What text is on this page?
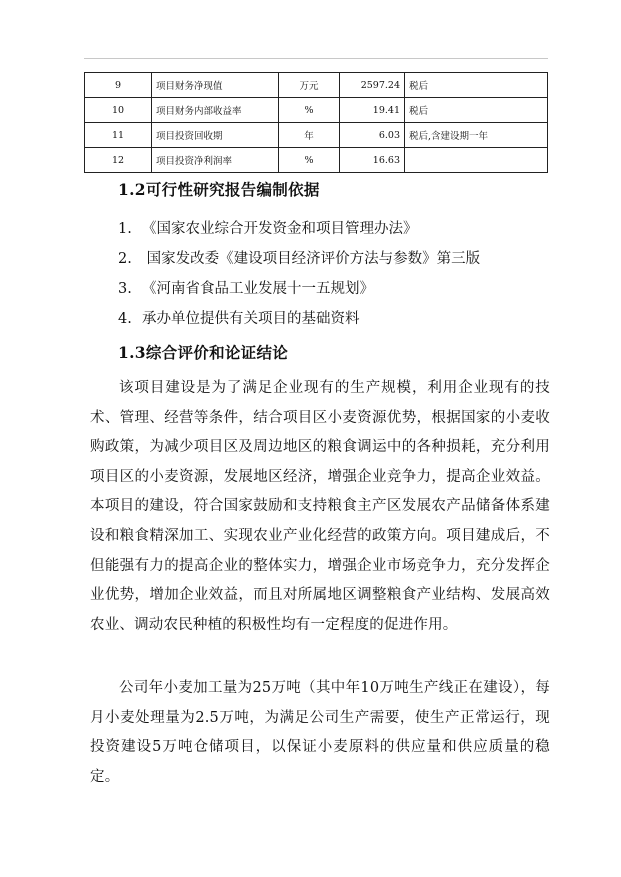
9	项目财务净现值	万元	2597.24	税后
10	项目财务内部收益率	%	19.41	税后
11	项目投资回收期	年	6.03	税后,含建设期一年
12	项目投资净利润率	%	16.63	
1.2可行性研究报告编制依据
1. 《国家农业综合开发资金和项目管理办法》
2. 国家发改委《建设项目经济评价方法与参数》第三版
3. 《河南省食品工业发展十一五规划》
4. 承办单位提供有关项目的基础资料
1.3综合评价和论证结论

该项目建设是为了满足企业现有的生产规模，利用企业现有的技术、管理、经营等条件，结合项目区小麦资源优势，根据国家的小麦收购政策，为减少项目区及周边地区的粮食调运中的各种损耗，充分利用项目区的小麦资源，发展地区经济，增强企业竞争力，提高企业效益。本项目的建设，符合国家鼓励和支持粮食主产区发展农产品储备体系建设和粮食精深加工、实现农业产业化经营的政策方向。项目建成后，不但能强有力的提高企业的整体实力，增强企业市场竞争力，充分发挥企业优势，增加企业效益，而且对所属地区调整粮食产业结构、发展高效农业、调动农民种植的积极性均有一定程度的促进作用。

公司年小麦加工量为25万吨（其中年10万吨生产线正在建设），每月小麦处理量为2.5万吨，为满足公司生产需要，使生产正常运行，现投资建设5万吨仓储项目，以保证小麦原料的供应量和供应质量的稳定。
